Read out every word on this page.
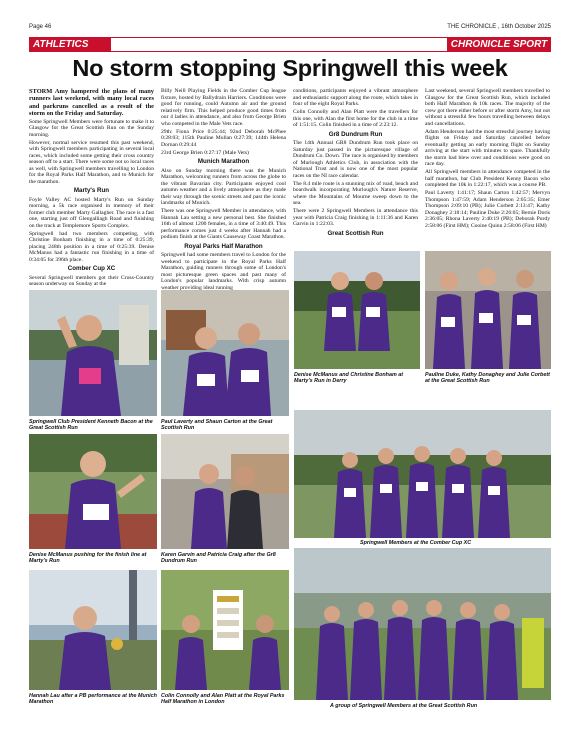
Page 46	THE CHRONICLE , 16th October 2025
ATHLETICS	CHRONICLE SPORT
No storm stopping Springwell this week

STORM Amy hampered the plans of many runners last weekend, with many local races and parkruns cancelled as a result of the storm on the Friday and Saturday.

Some Springwell Members were fortunate to make it to Glasgow for the Great Scottish Run on the Sunday morning.

However, normal service resumed this past weekend, with Springwell members participating in several local races, which included some getting their cross country season off to a start. There were some not so local races as well, with Springwell members travelling to London for the Royal Parks Half Marathon, and to Munich for the marathon.

Marty's Run

Foyle Valley AC hosted Marty's Run on Sunday morning, a 5k race organised in memory of their former club member Marty Gallagher. The race is a fast one, starting just off Glengalliagh Road and finishing on the track at Templemore Sports Complex.

Springwell had two members competing, with Christine Bonham finishing in a time of 0:25:39, placing 248th position in a time of 0:25:39. Denise McManus had a fantastic run finishing in a time of 0:34:05 for 396th place.

Comber Cup XC

Several Springwell members got their Cross-Country season underway on Sunday at the

Billy Neill Playing Fields in the Comber Cup league fixture, hosted by Ballydrain Harriers. Conditions were good for running, could Autumn air and the ground relatively firm. This helped produce good times from our 4 ladies in attendance, and also from George Brien who competed in the Male Vets race.

29th: Fiona Price 0:25:44; 92nd Deborah McPhee 0:28:03; 115th Pauline Mullan 0:27:39; 144th Helena Dornan 0:29:44

23rd George Brien 0:27:17 (Male Vets)

Munich Marathon

Also on Sunday morning there was the Munich Marathon, welcoming runners from across the globe to the vibrant Bavarian city. Participants enjoyed cool autumn weather and a lively atmosphere as they made their way through the scenic streets and past the iconic landmarks of Munich.

There was one Springwell Member in attendance, with Hannah Lau setting a new personal best. She finished 16th of almost 1200 females, in a time of 3:40:49. This performance comes just 4 weeks after Hannah had a podium finish at the Giants Causeway Coast Marathon.

Royal Parks Half Marathon

Springwell had some members travel to London for the weekend to participate in the Royal Parks Half Marathon, guiding runners through some of London's most picturesque green spaces and past many of London's popular landmarks. With crisp autumn weather providing ideal running

conditions, participants enjoyed a vibrant atmosphere and enthusiastic support along the route, which takes in four of the eight Royal Parks.

Colin Connolly and Alan Platt were the travellers for this one, with Alan the first home for the club in a time of 1:51:15. Colin finished in a time of 2:23:12.

Gr8 Dundrum Run

The 14th Annual GR8 Dundrum Run took place on Saturday just passed in the picturesque village of Dundrum Co. Down. The race is organised by members of Murlough Athletics Club, in association with the National Trust and is now one of the most popular races on the NI race calendar.

The 8.4 mile route is a stunning mix of road, beach and boardwalk incorporating Murlough's Nature Reserve, where the Mountains of Mourne sweep down to the sea.

There were 2 Springwell Members in attendance this year with Patricia Craig finishing in 1:11:36 and Karen Garvin in 1:22:03.

Great Scottish Run

Last weekend, several Springwell members travelled to Glasgow for the Great Scottish Run, which included both Half Marathon & 10k races. The majority of the crew got there either before or after storm Amy, but not without a stressful few hours travelling between delays and cancellations.

Adam Henderson had the most stressful journey having flights on Friday and Saturday cancelled before eventually getting an early morning flight on Sunday arriving at the start with minutes to spare. Thankfully the storm had blew over and conditions were good on race day.

All Springwell members in attendance competed in the half marathon, bar Club President Kenny Bacon who completed the 10k in 1:22:17, which was a course PB.

Paul Laverty 1:41:17; Shaun Carton 1:42:57; Mervyn Thompson 1:47:59; Adam Henderson 2:05:35; Emer Thompson 2:09:10 (PB); Julie Corbett 2:13:47; Kathy Donaghey 2:18:14; Pauline Duke 2:26:05; Bernie Doris 2:36:05; Rhona Laverty 2:40:19 (PB); Deborah Purdy 2:58:06 (First HM); Cooine Quinn 2:58:06 (First HM)

Springwell Club President Kenneth Bacon at the Great Scottish Run
Paul Laverty and Shaun Carton at the Great Scottish Run
Denise McManus and Christine Bonham at Marty's Run in Derry
Pauline Duke, Kathy Donaghey and Julie Corbett at the Great Scottish Run
Denise McManus pushing for the finish line at Marty's Run
Karen Garvin and Patricia Craig after the Gr8 Dundrum Run
Springwell Members at the Comber Cup XC
Hannah Lau after a PB performance at the Munich Marathon
Colin Connolly and Alan Platt at the Royal Parks Half Marathon in London
A group of Springwell Members at the Great Scottish Run
